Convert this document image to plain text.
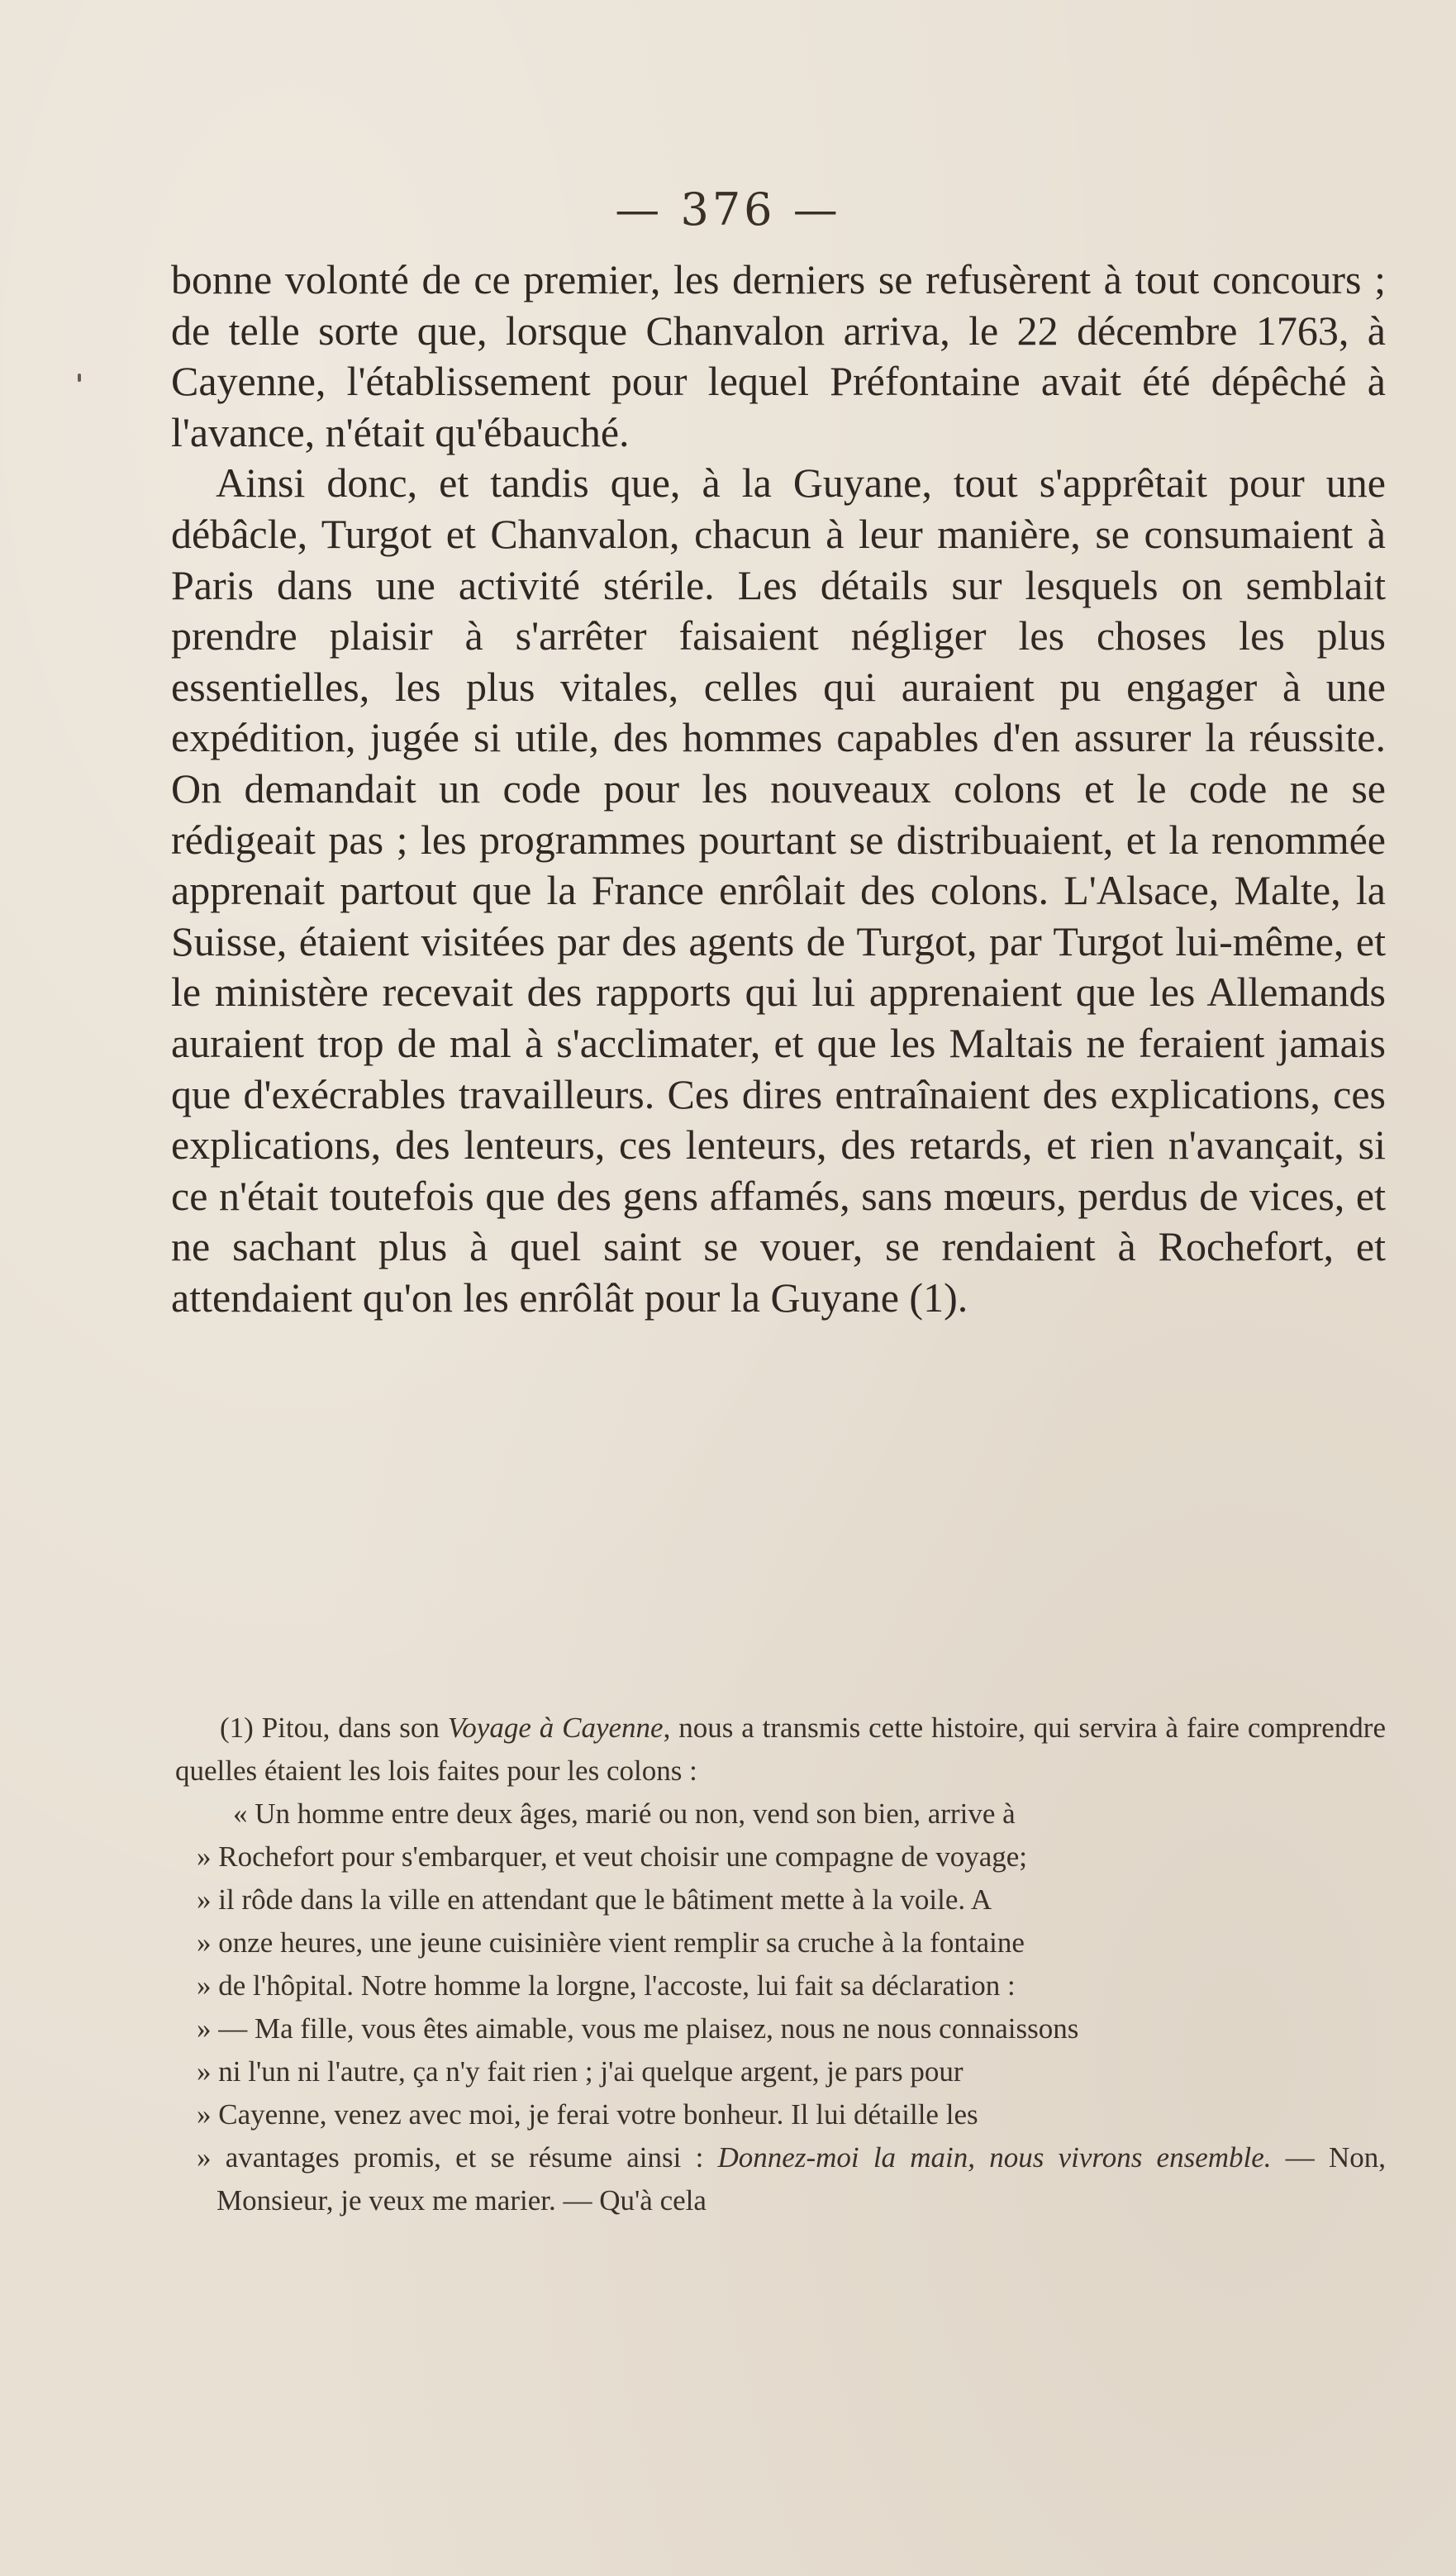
— 376 —

bonne volonté de ce premier, les derniers se refusèrent à tout concours ; de telle sorte que, lorsque Chanvalon arriva, le 22 décembre 1763, à Cayenne, l'établissement pour lequel Préfontaine avait été dépêché à l'avance, n'était qu'ébauché.

Ainsi donc, et tandis que, à la Guyane, tout s'apprêtait pour une débâcle, Turgot et Chanvalon, chacun à leur manière, se consumaient à Paris dans une activité stérile. Les détails sur lesquels on semblait prendre plaisir à s'arrêter faisaient négliger les choses les plus essentielles, les plus vitales, celles qui auraient pu engager à une expédition, jugée si utile, des hommes capables d'en assurer la réussite. On demandait un code pour les nouveaux colons et le code ne se rédigeait pas ; les programmes pourtant se distribuaient, et la renommée apprenait partout que la France enrôlait des colons. L'Alsace, Malte, la Suisse, étaient visitées par des agents de Turgot, par Turgot lui-même, et le ministère recevait des rapports qui lui apprenaient que les Allemands auraient trop de mal à s'acclimater, et que les Maltais ne feraient jamais que d'exécrables travailleurs. Ces dires entraînaient des explications, ces explications, des lenteurs, ces lenteurs, des retards, et rien n'avançait, si ce n'était toutefois que des gens affamés, sans mœurs, perdus de vices, et ne sachant plus à quel saint se vouer, se rendaient à Rochefort, et attendaient qu'on les enrôlât pour la Guyane (1).

(1) Pitou, dans son Voyage à Cayenne, nous a transmis cette histoire, qui servira à faire comprendre quelles étaient les lois faites pour les colons :

« Un homme entre deux âges, marié ou non, vend son bien, arrive à
» Rochefort pour s'embarquer, et veut choisir une compagne de voyage;
» il rôde dans la ville en attendant que le bâtiment mette à la voile. A
» onze heures, une jeune cuisinière vient remplir sa cruche à la fontaine
» de l'hôpital. Notre homme la lorgne, l'accoste, lui fait sa déclaration :
» — Ma fille, vous êtes aimable, vous me plaisez, nous ne nous connaissons
» ni l'un ni l'autre, ça n'y fait rien ; j'ai quelque argent, je pars pour
» Cayenne, venez avec moi, je ferai votre bonheur. Il lui détaille les
» avantages promis, et se résume ainsi : Donnez-moi la main, nous vivrons ensemble. — Non, Monsieur, je veux me marier. — Qu'à cela
